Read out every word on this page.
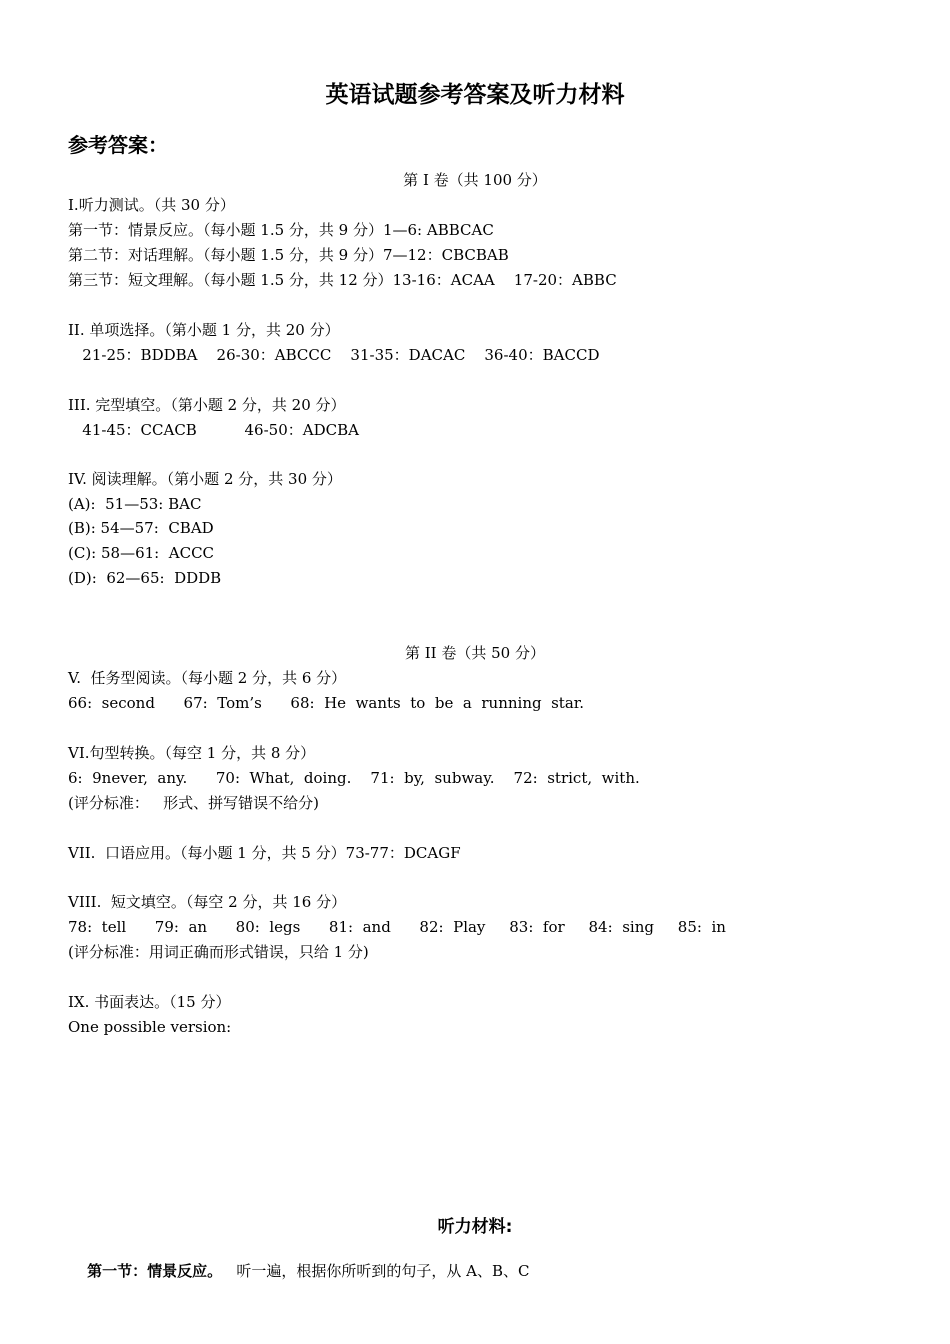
英语试题参考答案及听力材料
参考答案：
第 I 卷（共 100 分）
I.听力测试。（共 30 分）
第一节：情景反应。（每小题 1.5 分，共 9 分）1—6: ABBCAC
第二节：对话理解。（每小题 1.5 分，共 9 分）7—12：CBCBAB
第三节：短文理解。（每小题 1.5 分，共 12 分）13-16：ACAA    17-20：ABBC
II. 单项选择。（第小题 1 分，共 20 分）
21-25：BDDBA    26-30：ABCCC    31-35：DACAC    36-40：BACCD
III. 完型填空。（第小题 2 分，共 20 分）
41-45：CCACB          46-50：ADCBA
IV. 阅读理解。（第小题 2 分，共 30 分）
(A):  51—53: BAC
(B): 54—57:  CBAD
(C): 58—61:  ACCC
(D):  62—65:  DDDB
第 II 卷（共 50 分）
V.  任务型阅读。（每小题 2 分，共 6 分）
66:  second      67:  Tom’s      68:  He  wants  to  be  a  running  star.
VI.句型转换。（每空 1 分，共 8 分）
6:  9never,  any.      70:  What,  doing.    71:  by,  subway.    72:  strict,  with.
(评分标准：   形式、拼写错误不给分)
VII.  口语应用。（每小题 1 分，共 5 分）73-77：DCAGF
VIII.  短文填空。（每空 2 分，共 16 分）
78:  tell      79:  an      80:  legs      81:  and      82:  Play     83:  for     84:  sing     85:  in
(评分标准：用词正确而形式错误，只给 1 分)
IX. 书面表达。（15 分）
One possible version:
听力材料:

第一节：情景反应。   听一遍，根据你所听到的句子，从 A、B、C
